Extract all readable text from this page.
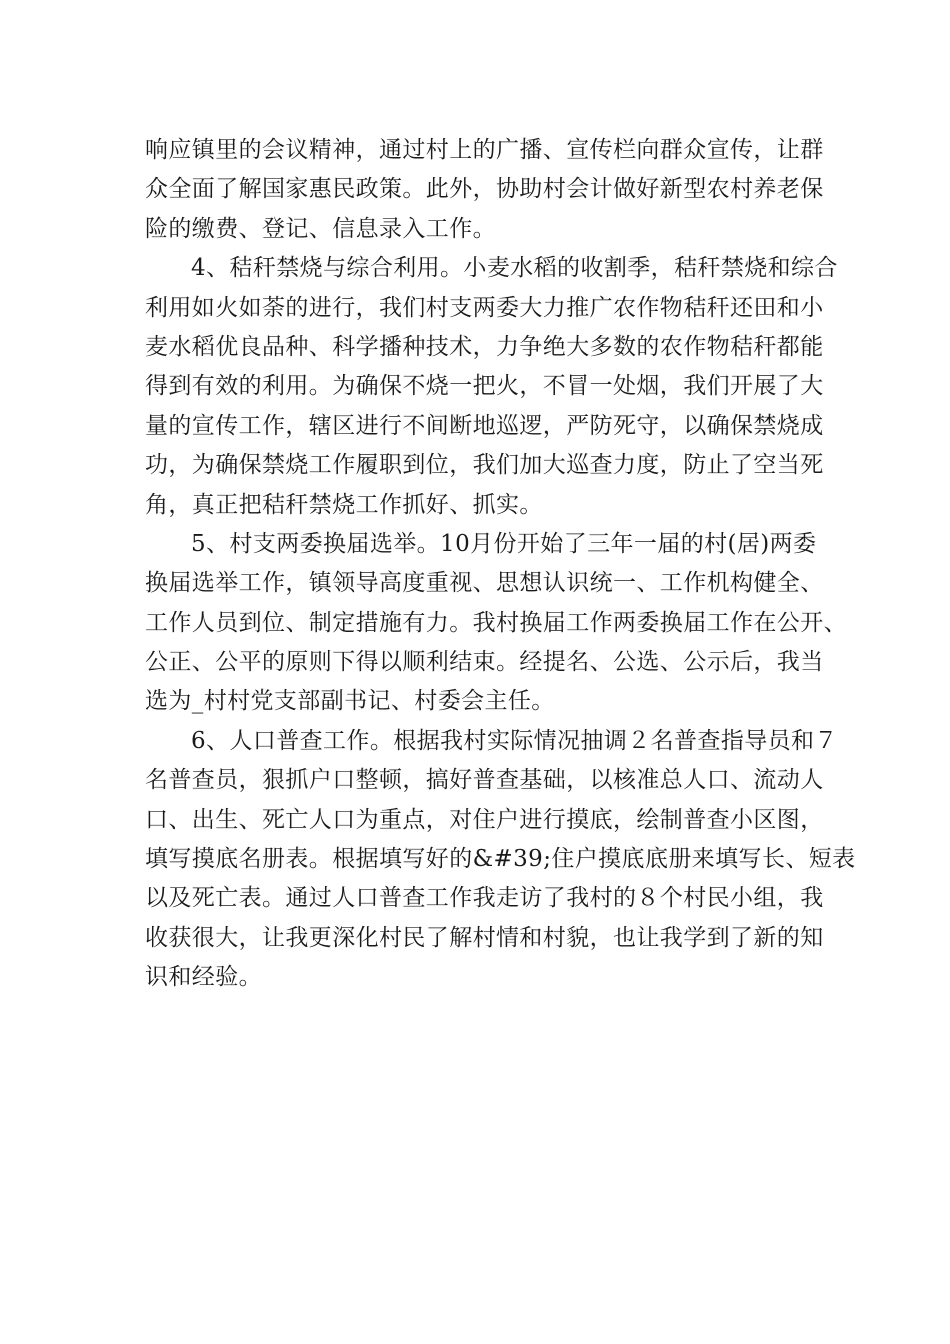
响应镇里的会议精神，通过村上的广播、宣传栏向群众宣传，让群
众全面了解国家惠民政策。此外，协助村会计做好新型农村养老保
险的缴费、登记、信息录入工作。
4、秸秆禁烧与综合利用。小麦水稻的收割季，秸秆禁烧和综合
利用如火如荼的进行，我们村支两委大力推广农作物秸秆还田和小
麦水稻优良品种、科学播种技术，力争绝大多数的农作物秸秆都能
得到有效的利用。为确保不烧一把火，不冒一处烟，我们开展了大
量的宣传工作，辖区进行不间断地巡逻，严防死守，以确保禁烧成
功，为确保禁烧工作履职到位，我们加大巡查力度，防止了空当死
角，真正把秸秆禁烧工作抓好、抓实。
5、村支两委换届选举。10月份开始了三年一届的村(居)两委
换届选举工作，镇领导高度重视、思想认识统一、工作机构健全、
工作人员到位、制定措施有力。我村换届工作两委换届工作在公开、
公正、公平的原则下得以顺利结束。经提名、公选、公示后，我当
选为_村村党支部副书记、村委会主任。
6、人口普查工作。根据我村实际情况抽调２名普查指导员和７
名普查员，狠抓户口整顿，搞好普查基础，以核准总人口、流动人
口、出生、死亡人口为重点，对住户进行摸底，绘制普查小区图，
填写摸底名册表。根据填写好的&#39;住户摸底底册来填写长、短表
以及死亡表。通过人口普查工作我走访了我村的８个村民小组，我
收获很大，让我更深化村民了解村情和村貌，也让我学到了新的知
识和经验。
